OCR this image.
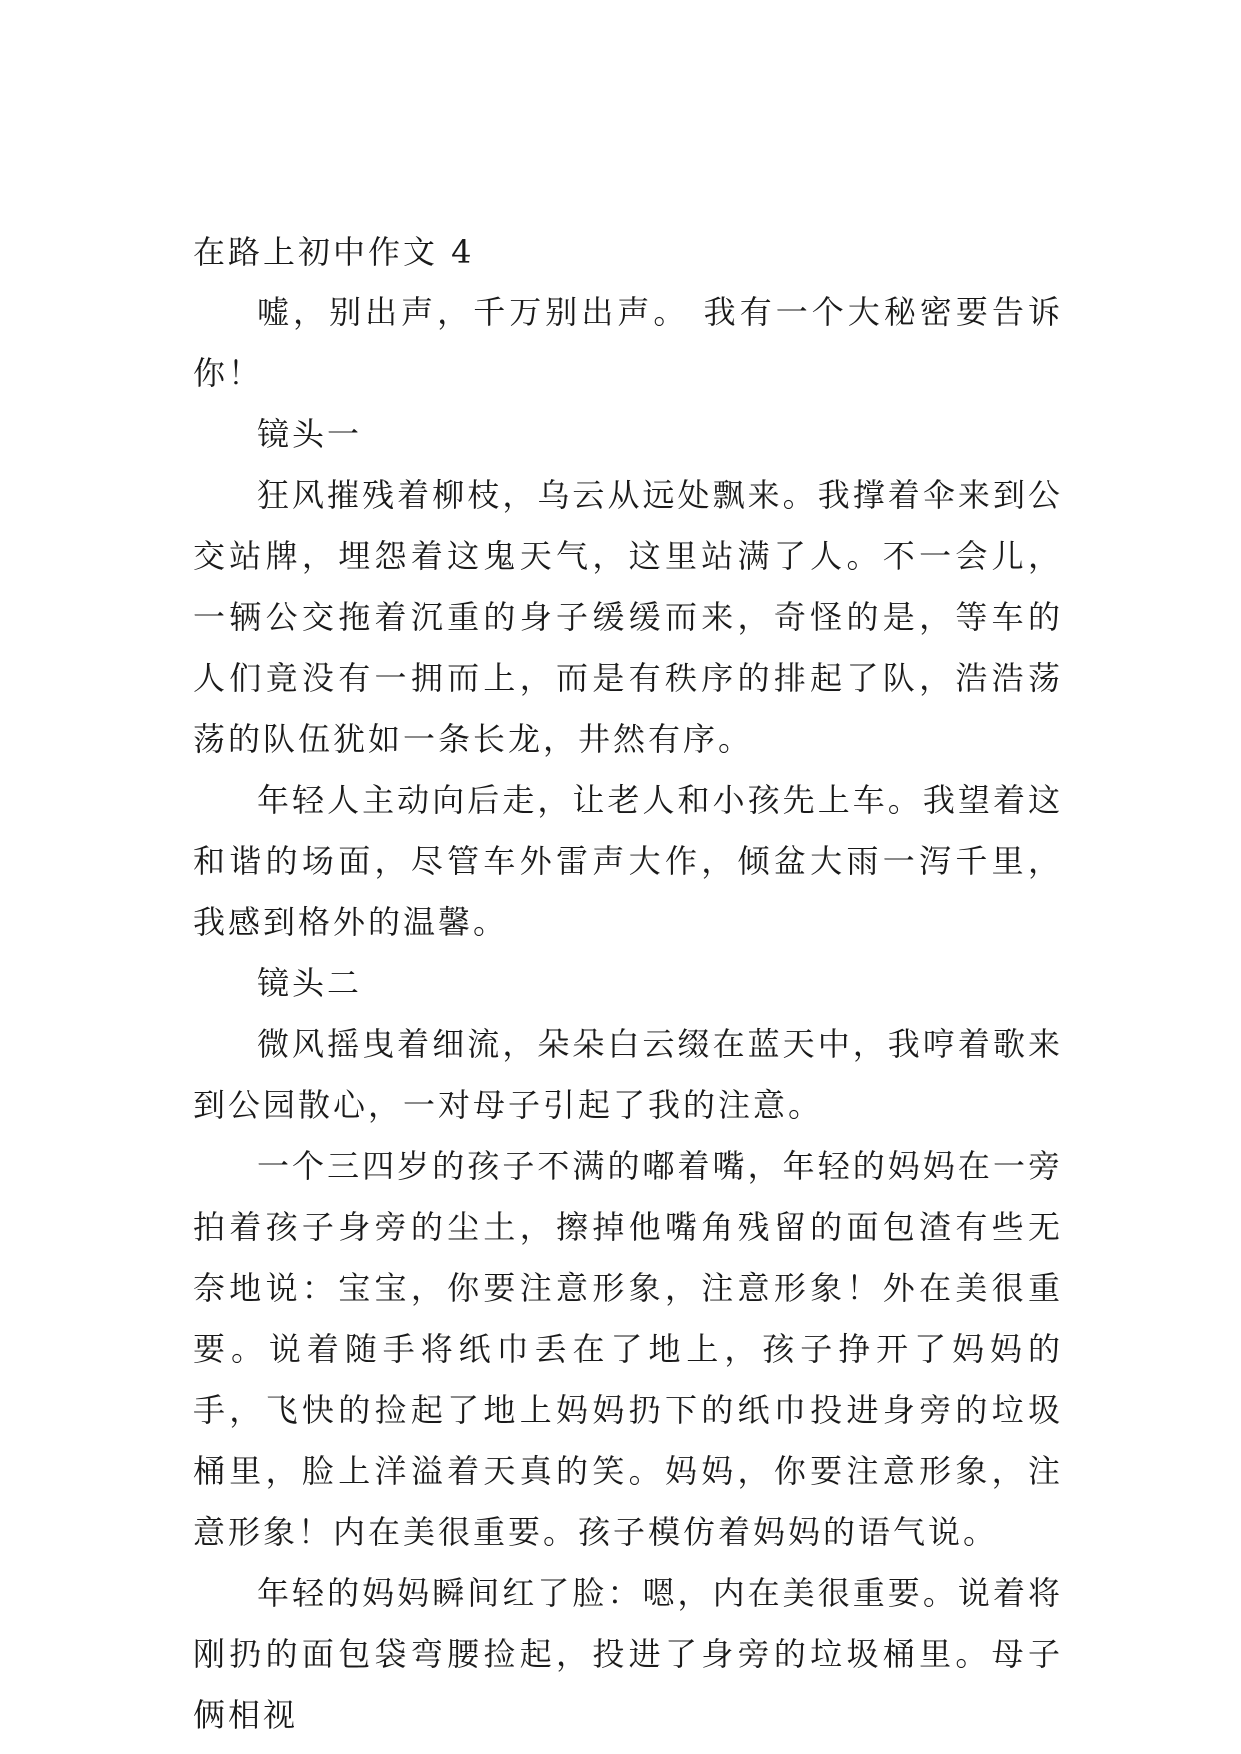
在路上初中作文 4

嘘，别出声，千万别出声。 我有一个大秘密要告诉你！

镜头一

狂风摧残着柳枝，乌云从远处飘来。我撑着伞来到公交站牌，埋怨着这鬼天气，这里站满了人。不一会儿，一辆公交拖着沉重的身子缓缓而来，奇怪的是，等车的人们竟没有一拥而上，而是有秩序的排起了队，浩浩荡荡的队伍犹如一条长龙，井然有序。

年轻人主动向后走，让老人和小孩先上车。我望着这和谐的场面，尽管车外雷声大作，倾盆大雨一泻千里，我感到格外的温馨。

镜头二

微风摇曳着细流，朵朵白云缀在蓝天中，我哼着歌来到公园散心，一对母子引起了我的注意。

一个三四岁的孩子不满的嘟着嘴，年轻的妈妈在一旁拍着孩子身旁的尘土，擦掉他嘴角残留的面包渣有些无奈地说：宝宝，你要注意形象，注意形象！外在美很重要。说着随手将纸巾丢在了地上，孩子挣开了妈妈的手，飞快的捡起了地上妈妈扔下的纸巾投进身旁的垃圾桶里，脸上洋溢着天真的笑。妈妈，你要注意形象，注意形象！内在美很重要。孩子模仿着妈妈的语气说。

年轻的妈妈瞬间红了脸：嗯，内在美很重要。说着将刚扔的面包袋弯腰捡起，投进了身旁的垃圾桶里。母子俩相视
